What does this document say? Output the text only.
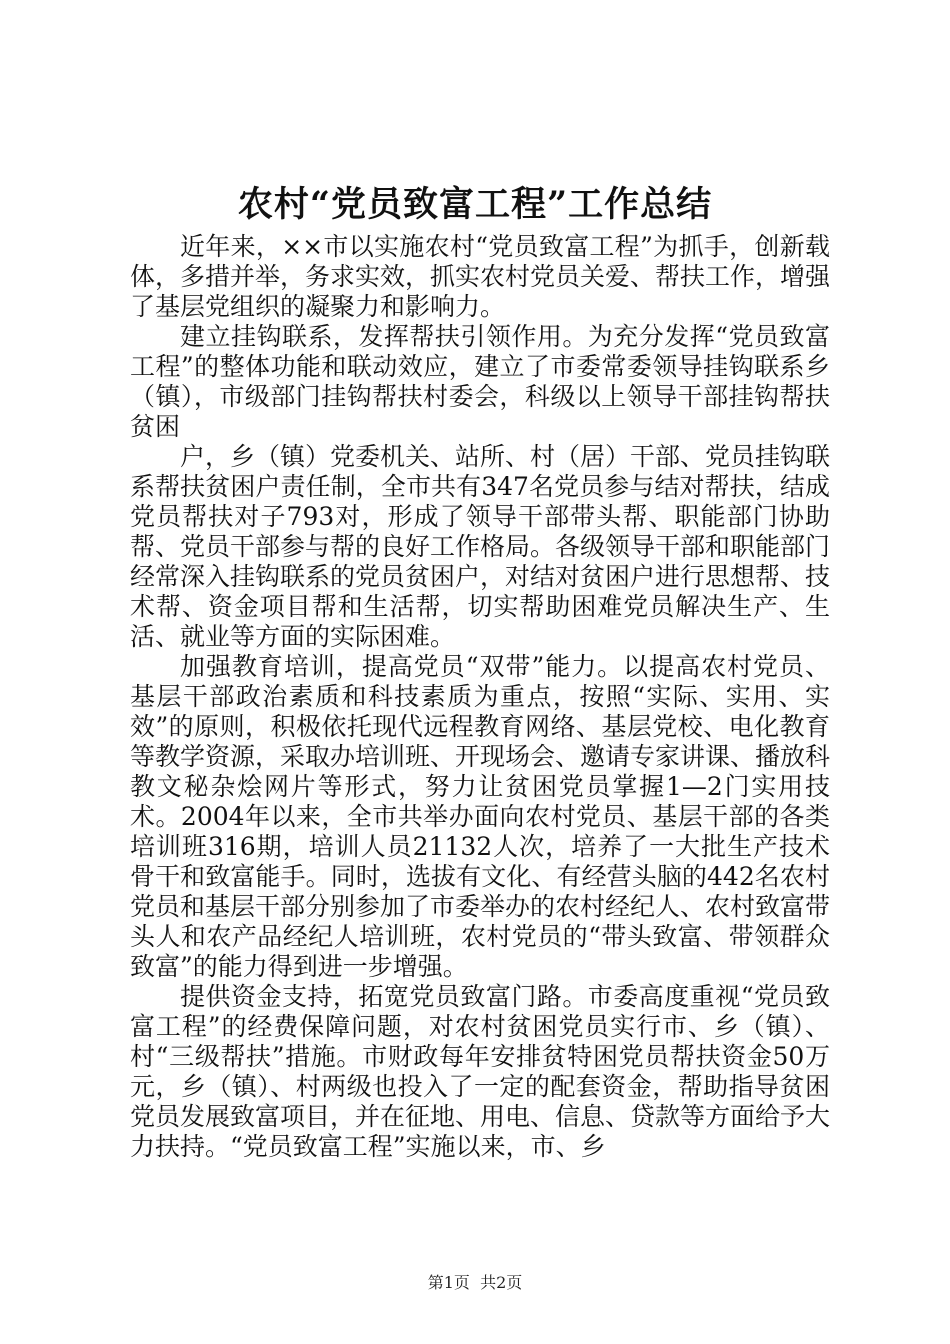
农村“党员致富工程”工作总结

近年来，××市以实施农村“党员致富工程”为抓手，创新载体，多措并举，务求实效，抓实农村党员关爱、帮扶工作，增强了基层党组织的凝聚力和影响力。

建立挂钩联系，发挥帮扶引领作用。为充分发挥“党员致富工程”的整体功能和联动效应，建立了市委常委领导挂钩联系乡（镇），市级部门挂钩帮扶村委会，科级以上领导干部挂钩帮扶贫困

户，乡（镇）党委机关、站所、村（居）干部、党员挂钩联系帮扶贫困户责任制，全市共有347名党员参与结对帮扶，结成党员帮扶对子793对，形成了领导干部带头帮、职能部门协助帮、党员干部参与帮的良好工作格局。各级领导干部和职能部门经常深入挂钩联系的党员贫困户，对结对贫困户进行思想帮、技术帮、资金项目帮和生活帮，切实帮助困难党员解决生产、生活、就业等方面的实际困难。

加强教育培训，提高党员“双带”能力。以提高农村党员、基层干部政治素质和科技素质为重点，按照“实际、实用、实效”的原则，积极依托现代远程教育网络、基层党校、电化教育等教学资源，采取办培训班、开现场会、邀请专家讲课、播放科教文秘杂烩网片等形式，努力让贫困党员掌握1—2门实用技术。2004年以来，全市共举办面向农村党员、基层干部的各类培训班316期，培训人员21132人次，培养了一大批生产技术骨干和致富能手。同时，选拔有文化、有经营头脑的442名农村党员和基层干部分别参加了市委举办的农村经纪人、农村致富带头人和农产品经纪人培训班，农村党员的“带头致富、带领群众致富”的能力得到进一步增强。

提供资金支持，拓宽党员致富门路。市委高度重视“党员致富工程”的经费保障问题，对农村贫困党员实行市、乡（镇）、村“三级帮扶”措施。市财政每年安排贫特困党员帮扶资金50万元，乡（镇）、村两级也投入了一定的配套资金，帮助指导贫困党员发展致富项目，并在征地、用电、信息、贷款等方面给予大力扶持。“党员致富工程”实施以来，市、乡

第1页 共2页
